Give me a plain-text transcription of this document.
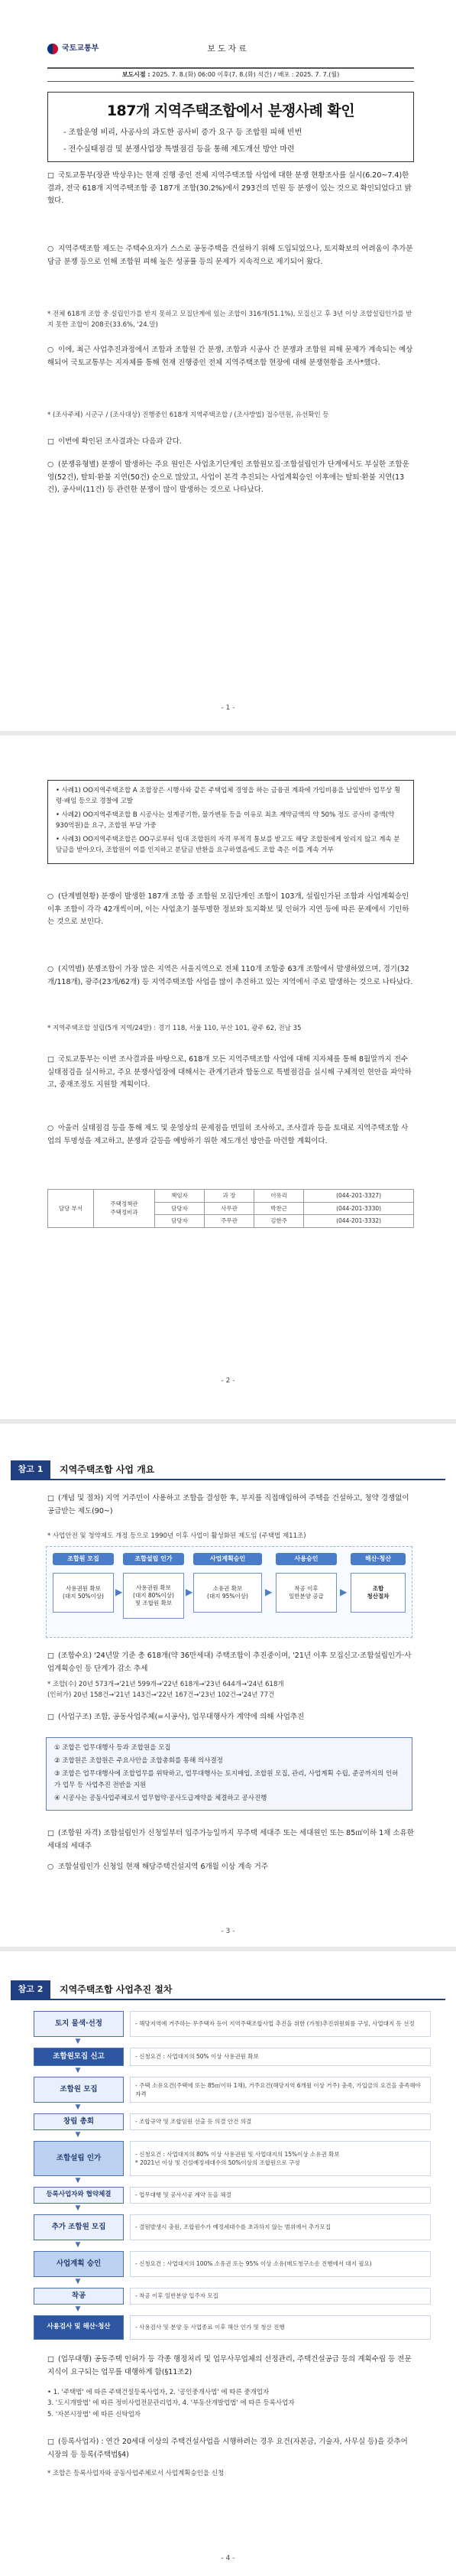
국토교통부	보도자료
보도시점 : 2025. 7. 8.(화) 06:00 이후(7. 8.(화) 석간) / 배포 : 2025. 7. 7.(월)
187개 지역주택조합에서 분쟁사례 확인
- 조합운영 비리, 사공사의 과도한 공사비 증가 요구 등 조합원 피해 빈번
- 전수실태점검 및 분쟁사업장 특별점검 등을 통해 제도개선 방안 마련
□ 국토교통부(장관 박상우)는 현재 진행 중인 전체 지역주택조합 사업에 대한 분쟁 현황조사를 실시(6.20~7.4)한 결과, 전국 618개 지역주택조합 중 187개 조합(30.2%)에서 293건의 민원 등 분쟁이 있는 것으로 확인되었다고 밝혔다.
○ 지역주택조합 제도는 주택수요자가 스스로 공동주택을 건설하기 위해 도입되었으나, 토지확보의 어려움이 추가분담금 분쟁 등으로 인해 조합원 피해 높은 성공률 등의 문제가 지속적으로 제기되어 왔다.
* 전체 618개 조합 중 설립인가를 받지 못하고 모집단계에 있는 조합이 316개(51.1%), 모집신고 후 3년 이상 조합설립인가를 받지 못한 조합이 208곳(33.6%, '24.말)
○ 이에, 최근 사업추진과정에서 조합과 조합원 간 분쟁, 조합과 시공사 간 분쟁과 조합원 피해 문제가 계속되는 예상해되어 국토교통부는 지자체를 통해 현재 진행중인 전체 지역주택조합 현장에 대해 분쟁현황을 조사*했다.
* (조사주체) 시군구 / (조사대상) 진행중인 618개 지역주택조합 / (조사방법) 접수민원, 유선확인 등
□ 이번에 확인된 조사결과는 다음과 같다.
○ (분쟁유형별) 분쟁이 발생하는 주요 원인은 사업초기단계인 조합원모집·조합설립인가 단계에서도 부실한 조합운영(52건), 탈퇴·환불 지연(50건) 순으로 많았고, 사업이 본격 추진되는 사업계획승인 이후에는 탈퇴·환불 지연(13건), 공사비(11건) 등 관련한 분쟁이 많이 발생하는 것으로 나타났다.
- 1 -
• 사례1) OO지역주택조합 A 조합장은 시행사와 같은 주택업체 경영을 하는 금융권 계좌에 가입비용을 납입받아 업무상 횡령·배임 등으로 경찰에 고발
• 사례2) OO지역주택조합 B 시공사는 설계공기한, 물가변동 등을 이유로 최초 계약금액의 약 50% 정도 공사비 증액(약 930억원)을 요구, 조합원 부담 가중
• 사례3) OO지역주택조합은 OO구로부터 임대 조합원의 자격 부적격 통보를 받고도 해당 조합원에게 알리지 않고 계속 분담금을 받아오다, 조합원이 이를 인지하고 분담금 반환을 요구하였음에도 조합 측은 이를 계속 거부
○ (단계별현황) 분쟁이 발생한 187개 조합 중 조합원 모집단계인 조합이 103개, 설립인가된 조합과 사업계획승인 이후 조합이 각각 42개씩이며, 이는 사업초기 불투명한 정보와 토지확보 및 인허가 지연 등에 따른 문제에서 기인하는 것으로 보인다.
○ (지역별) 분쟁조합이 가장 많은 지역은 서울지역으로 전체 110개 조합중 63개 조합에서 발생하였으며, 경기(32개/118개), 광주(23개/62개) 등 지역주택조합 사업을 많이 추진하고 있는 지역에서 주로 발생하는 것으로 나타났다.
* 지역주택조합 설립(5개 지역/24말) : 경기 118, 서울 110, 부산 101, 광주 62, 전남 35
□ 국토교통부는 이번 조사결과를 바탕으로, 618개 모든 지역주택조합 사업에 대해 지자체를 통해 8월말까지 전수 실태점검을 실시하고, 주요 분쟁사업장에 대해서는 관계기관과 합동으로 특별점검을 실시해 구체적인 현안을 파악하고, 중재조정도 지원할 계획이다.
○ 아울러 실태점검 등을 통해 제도 및 운영상의 문제점을 면밀히 조사하고, 조사결과 등을 토대로 지역주택조합 사업의 투명성을 제고하고, 분쟁과 갈등을 예방하기 위한 제도개선 방안을 마련할 계획이다.
담당 부서	주택정책관
주택정비과	책임자	과 장	이유리	(044-201-3327)
		담당자	사무관	박찬근	(044-201-3330)
		담당자	주무관	김한주	(044-201-3332)
- 2 -
참고 1	지역주택조합 사업 개요
□ (개념 및 절차) 지역 거주민이 사용하고 조합을 결성한 후, 부지를 직접매입하여 주택을 건설하고, 청약 경쟁없이 공급받는 제도(90~)
* 사업안전 및 청약제도 개정 등으로 1990년 이후 사업이 활성화된 제도임 (주택법 제11조)
조합원 모집	조합설립 인가	사업계획승인	사용승인	해산·청산
사용권원 확보
(대지 50%이상)	▶	사용권원 확보
(대지 80%이상)
및 조합원 확보
▶	소유권 확보
(대지 95%이상)	▶	착공 이후
일반분양 공급	▶	조합
청산절차
□ (조합수요) '24년말 기준 총 618개(약 36만세대) 주택조합이 추진중이며, '21년 이후 모집신고·조합설립인가·사업계획승인 등 단계가 감소 추세
* 조합(수) 20년 573개→'21년 599개→'22년 618개→'23년 644개→'24년 618개
(인허가) 20년 158건→'21년 143건→'22년 167건→'23년 102건→'24년 77건
□ (사업구조) 조합, 공동사업주체(=시공사), 업무대행사가 계약에 의해 사업추진
① 조합은 업무대행사 등과 조합원을 모집
② 조합원은 조합원은 주요사안을 조합총회를 통해 의사결정
③ 조합은 업무대행사에 조합업무를 위탁하고, 업무대행사는 토지매입, 조합원 모집, 관리, 사업계획 수립, 준공까지의 인허가 업무 등 사업추진 전반을 지원
④ 시공사는 공동사업주체로서 업무협약·공사도급계약을 체결하고 공사진행
□ (조합원 자격) 조합설립인가 신청일부터 입주가능일까지 무주택 세대주 또는 세대원인 또는 85㎡이하 1채 소유한 세대의 세대주
○ 조합설립인가 신청일 현재 해당주택건설지역 6개월 이상 계속 거주
- 3 -
참고 2	지역주택조합 사업추진 절차
토지 물색·선정	- 해당지역에 거주하는 무주택자 등이 지역주택조합사업 추진을 위한 (가칭)추진위원회를 구성, 사업대지 등 선정
▼
조합원모집 신고	- 신청요건 : 사업대지의 50% 이상 사용권원 확보
▼
조합원 모집	- 주택 소유요건(주택에 또는 85㎡이하 1채), 거주요건(해당지역 6개월 이상 거주) 충족, 가입금의 요건을 충족해야 자격
▼
창립 총회	- 조합규약 및 조합임원 선출 등 의결 안건 의결
▼
조합설립 인가	- 신청요건 : 사업대지의 80% 이상 사용권원 및 사업대지의 15%이상 소유권 확보
* 2021년 이상 및 건설예정세대수의 50%이상의 조합원으로 구성
▼
등록사업자와 협약체결	- 업무대행 및 공사시공 계약 등을 체결
▼
추가 조합원 모집	- 결원발생시 충원, 조합원수가 예정세대수를 초과하지 않는 범위에서 추가모집
▼
사업계획 승인	- 신청요건 : 사업대지의 100% 소유권 또는 95% 이상 소유(매도청구소송 진행에서 대지 필요)
▼
착공	- 착공 이후 일반분양 입주자 모집
▼
사용검사 및 해산·청산	- 사용검사 및 분양 등 사업종료 이후 해산 인가 및 청산 진행
□ (업무대행) 공동주택 인허가 등 각종 행정처리 및 업무사무업체의 선정관리, 주택건설공급 등의 계획수립 등 전문지식이 요구되는 업무를 대행하게 함(§11조2)
• 1. '주택법' 에 따른 주택건설등록사업자, 2. '공인중개사법' 에 따른 중개업자
3. '도시개발법' 에 따른 정비사업전문관리업자, 4. '부동산개발업법' 에 따른 등록사업자
5. '자본시장법' 에 따른 신탁업자
□ (등록사업자) : 연간 20세대 이상의 주택건설사업을 시행하려는 경우 요건(자본금, 기술자, 사무실 등)을 갖추어 시장의 등 등록(주택법§4)
* 조합은 등록사업자와 공동사업주체로서 사업계획승인을 신청
- 4 -
